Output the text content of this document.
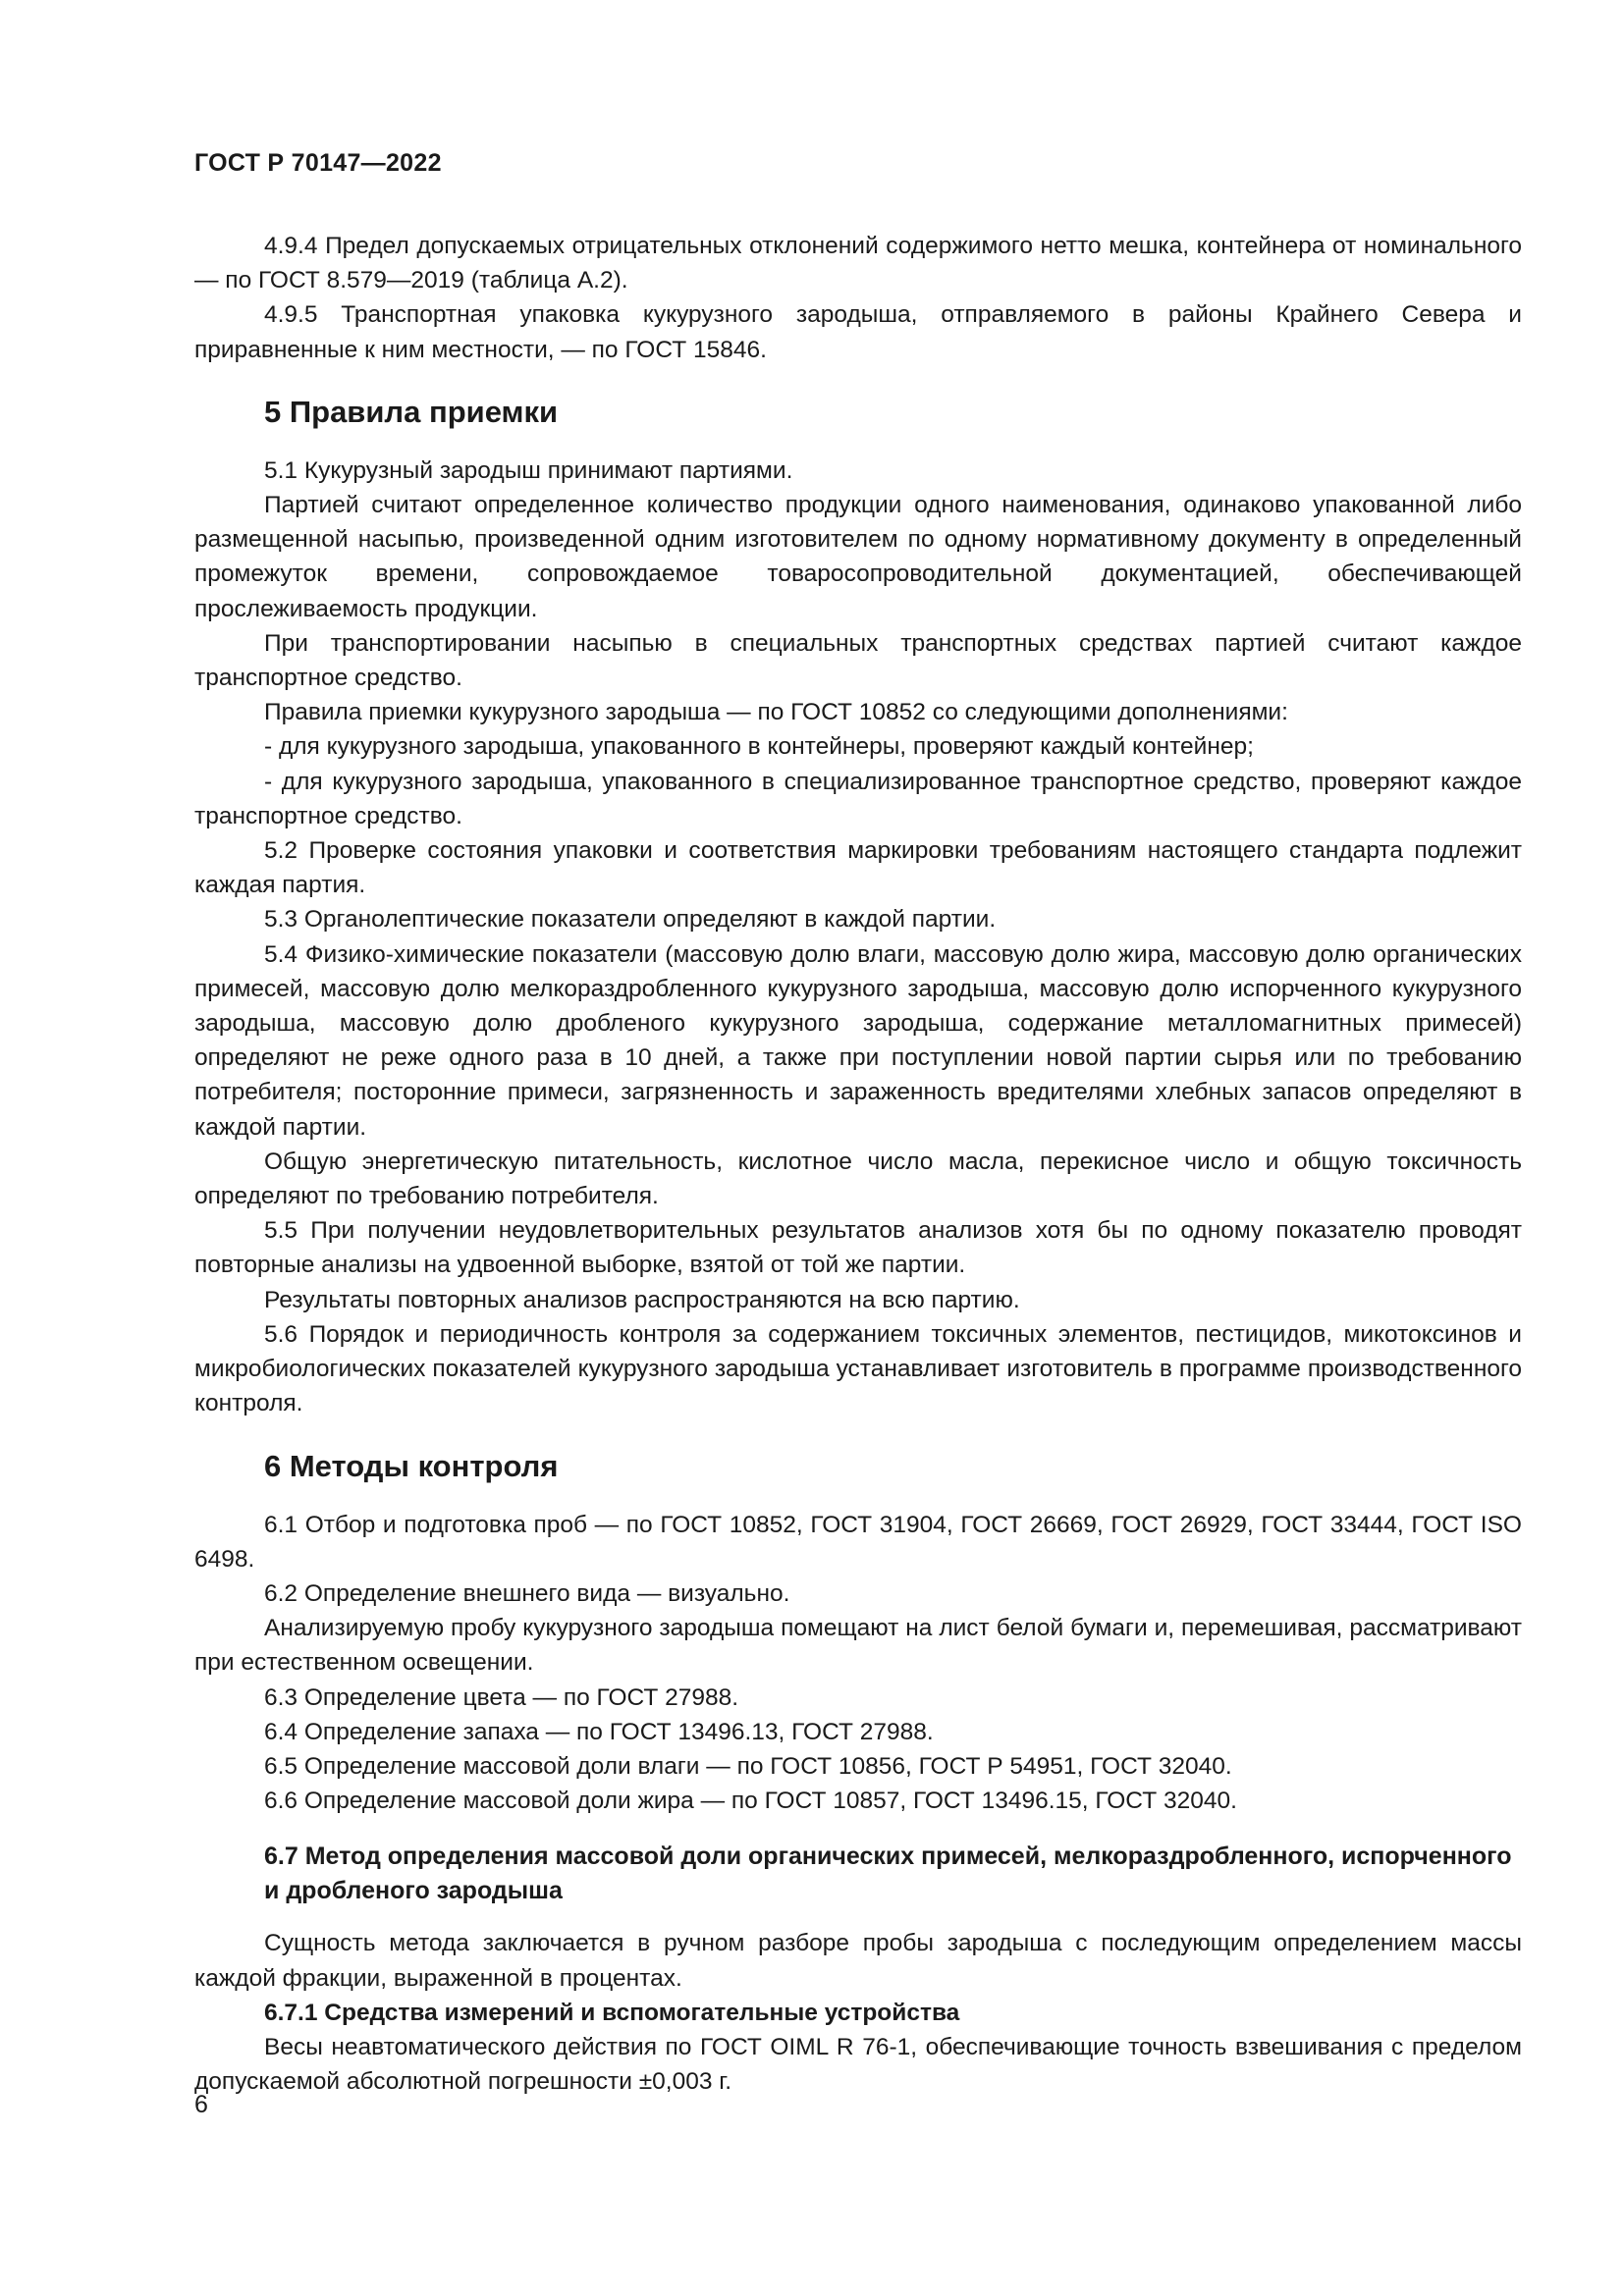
ГОСТ Р 70147—2022

4.9.4 Предел допускаемых отрицательных отклонений содержимого нетто мешка, контейнера от номинального — по ГОСТ 8.579—2019 (таблица А.2).

4.9.5 Транспортная упаковка кукурузного зародыша, отправляемого в районы Крайнего Севера и приравненные к ним местности, — по ГОСТ 15846.

5 Правила приемки

5.1 Кукурузный зародыш принимают партиями.

Партией считают определенное количество продукции одного наименования, одинаково упакованной либо размещенной насыпью, произведенной одним изготовителем по одному нормативному документу в определенный промежуток времени, сопровождаемое товаросопроводительной документацией, обеспечивающей прослеживаемость продукции.

При транспортировании насыпью в специальных транспортных средствах партией считают каждое транспортное средство.

Правила приемки кукурузного зародыша — по ГОСТ 10852 со следующими дополнениями:

- для кукурузного зародыша, упакованного в контейнеры, проверяют каждый контейнер;

- для кукурузного зародыша, упакованного в специализированное транспортное средство, проверяют каждое транспортное средство.

5.2 Проверке состояния упаковки и соответствия маркировки требованиям настоящего стандарта подлежит каждая партия.

5.3 Органолептические показатели определяют в каждой партии.

5.4 Физико-химические показатели (массовую долю влаги, массовую долю жира, массовую долю органических примесей, массовую долю мелкораздробленного кукурузного зародыша, массовую долю испорченного кукурузного зародыша, массовую долю дробленого кукурузного зародыша, содержание металломагнитных примесей) определяют не реже одного раза в 10 дней, а также при поступлении новой партии сырья или по требованию потребителя; посторонние примеси, загрязненность и зараженность вредителями хлебных запасов определяют в каждой партии.

Общую энергетическую питательность, кислотное число масла, перекисное число и общую токсичность определяют по требованию потребителя.

5.5 При получении неудовлетворительных результатов анализов хотя бы по одному показателю проводят повторные анализы на удвоенной выборке, взятой от той же партии.

Результаты повторных анализов распространяются на всю партию.

5.6 Порядок и периодичность контроля за содержанием токсичных элементов, пестицидов, микотоксинов и микробиологических показателей кукурузного зародыша устанавливает изготовитель в программе производственного контроля.

6 Методы контроля

6.1 Отбор и подготовка проб — по ГОСТ 10852, ГОСТ 31904, ГОСТ 26669, ГОСТ 26929, ГОСТ 33444, ГОСТ ISO 6498.

6.2 Определение внешнего вида — визуально.

Анализируемую пробу кукурузного зародыша помещают на лист белой бумаги и, перемешивая, рассматривают при естественном освещении.

6.3 Определение цвета — по ГОСТ 27988.

6.4 Определение запаха — по ГОСТ 13496.13, ГОСТ 27988.

6.5 Определение массовой доли влаги — по ГОСТ 10856, ГОСТ Р 54951, ГОСТ 32040.

6.6 Определение массовой доли жира — по ГОСТ 10857, ГОСТ 13496.15, ГОСТ 32040.

6.7 Метод определения массовой доли органических примесей, мелкораздробленного, испорченного и дробленого зародыша

Сущность метода заключается в ручном разборе пробы зародыша с последующим определением массы каждой фракции, выраженной в процентах.

6.7.1 Средства измерений и вспомогательные устройства

Весы неавтоматического действия по ГОСТ OIML R 76-1, обеспечивающие точность взвешивания с пределом допускаемой абсолютной погрешности ±0,003 г.

6
